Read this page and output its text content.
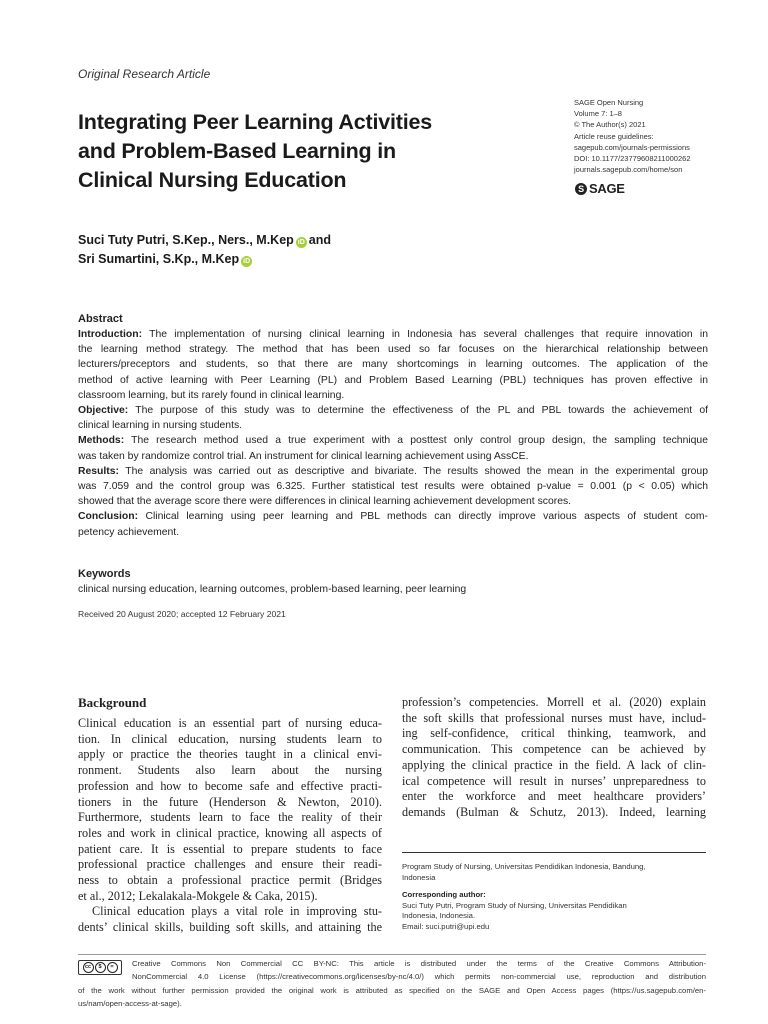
Original Research Article
Integrating Peer Learning Activities
and Problem-Based Learning in
Clinical Nursing Education
SAGE Open Nursing
Volume 7: 1–8
© The Author(s) 2021
Article reuse guidelines:
sagepub.com/journals-permissions
DOI: 10.1177/23779608211000262
journals.sagepub.com/home/son
S SAGE
Suci Tuty Putri, S.Kep., Ners., M.Kep iD and
Sri Sumartini, S.Kp., M.Kep iD
Abstract
Introduction: The implementation of nursing clinical learning in Indonesia has several challenges that require innovation in
the learning method strategy. The method that has been used so far focuses on the hierarchical relationship between
lecturers/preceptors and students, so that there are many shortcomings in learning outcomes. The application of the
method of active learning with Peer Learning (PL) and Problem Based Learning (PBL) techniques has proven effective in
classroom learning, but its rarely found in clinical learning.
Objective: The purpose of this study was to determine the effectiveness of the PL and PBL towards the achievement of
clinical learning in nursing students.
Methods: The research method used a true experiment with a posttest only control group design, the sampling technique
was taken by randomize control trial. An instrument for clinical learning achievement using AssCE.
Results: The analysis was carried out as descriptive and bivariate. The results showed the mean in the experimental group
was 7.059 and the control group was 6.325. Further statistical test results were obtained p-value = 0.001 (p < 0.05) which
showed that the average score there were differences in clinical learning achievement development scores.
Conclusion: Clinical learning using peer learning and PBL methods can directly improve various aspects of student com-
petency achievement.
Keywords
clinical nursing education, learning outcomes, problem-based learning, peer learning
Received 20 August 2020; accepted 12 February 2021
Background
Clinical education is an essential part of nursing educa-
tion. In clinical education, nursing students learn to
apply or practice the theories taught in a clinical envi-
ronment. Students also learn about the nursing
profession and how to become safe and effective practi-
tioners in the future (Henderson & Newton, 2010).
Furthermore, students learn to face the reality of their
roles and work in clinical practice, knowing all aspects of
patient care. It is essential to prepare students to face
professional practice challenges and ensure their readi-
ness to obtain a professional practice permit (Bridges
et al., 2012; Lekalakala-Mokgele & Caka, 2015).
Clinical education plays a vital role in improving stu-
dents’ clinical skills, building soft skills, and attaining the
profession’s competencies. Morrell et al. (2020) explain
the soft skills that professional nurses must have, includ-
ing self-confidence, critical thinking, teamwork, and
communication. This competence can be achieved by
applying the clinical practice in the field. A lack of clin-
ical competence will result in nurses’ unpreparedness to
enter the workforce and meet healthcare providers’
demands (Bulman & Schutz, 2013). Indeed, learning
Program Study of Nursing, Universitas Pendidikan Indonesia, Bandung,
Indonesia
Corresponding author:
Suci Tuty Putri, Program Study of Nursing, Universitas Pendidikan
Indonesia, Indonesia.
Email: suci.putri@upi.edu
cc	$	=	Creative Commons Non Commercial CC BY-NC: This article is distributed under the terms of the Creative Commons Attribution-
NonCommercial 4.0 License (https://creativecommons.org/licenses/by-nc/4.0/) which permits non-commercial use, reproduction and distribution
of the work without further permission provided the original work is attributed as specified on the SAGE and Open Access pages (https://us.sagepub.com/en-
us/nam/open-access-at-sage).
